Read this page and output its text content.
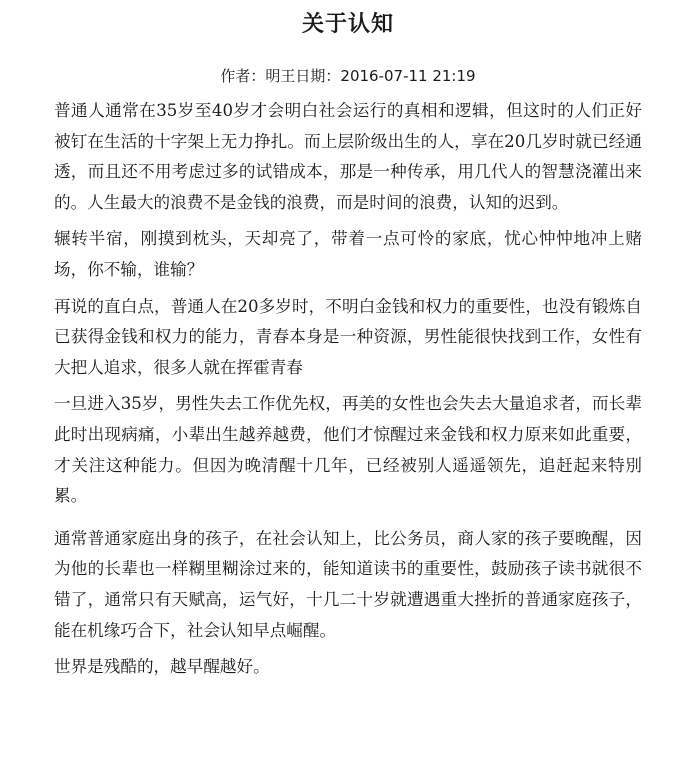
关于认知
作者：明王日期：2016-07-11 21:19

普通人通常在35岁至40岁才会明白社会运行的真相和逻辑，但这时的人们正好被钉在生活的十字架上无力挣扎。而上层阶级出生的人，享在20几岁时就已经通透，而且还不用考虑过多的试错成本，那是一种传承，用几代人的智慧浇灌出来的。人生最大的浪费不是金钱的浪费，而是时间的浪费，认知的迟到。

辗转半宿，刚摸到枕头，天却亮了，带着一点可怜的家底，忧心忡忡地冲上赌场，你不输，谁输？

再说的直白点，普通人在20多岁时，不明白金钱和权力的重要性，也没有锻炼自已获得金钱和权力的能力，青春本身是一种资源，男性能很快找到工作，女性有大把人追求，很多人就在挥霍青春

一旦进入35岁，男性失去工作优先权，再美的女性也会失去大量追求者，而长辈此时出现病痛，小辈出生越养越费，他们才惊醒过来金钱和权力原来如此重要，才关注这种能力。但因为晚清醒十几年，已经被别人遥遥领先，追赶起来特別累。

通常普通家庭出身的孩子，在社会认知上，比公务员，商人家的孩子要晚醒，因为他的长辈也一样糊里糊涂过来的，能知道读书的重要性，鼓励孩子读书就很不错了，通常只有天赋高，运气好，十几二十岁就遭遇重大挫折的普通家庭孩子，能在机缘巧合下，社会认知早点崛醒。

世界是残酷的，越早醒越好。
